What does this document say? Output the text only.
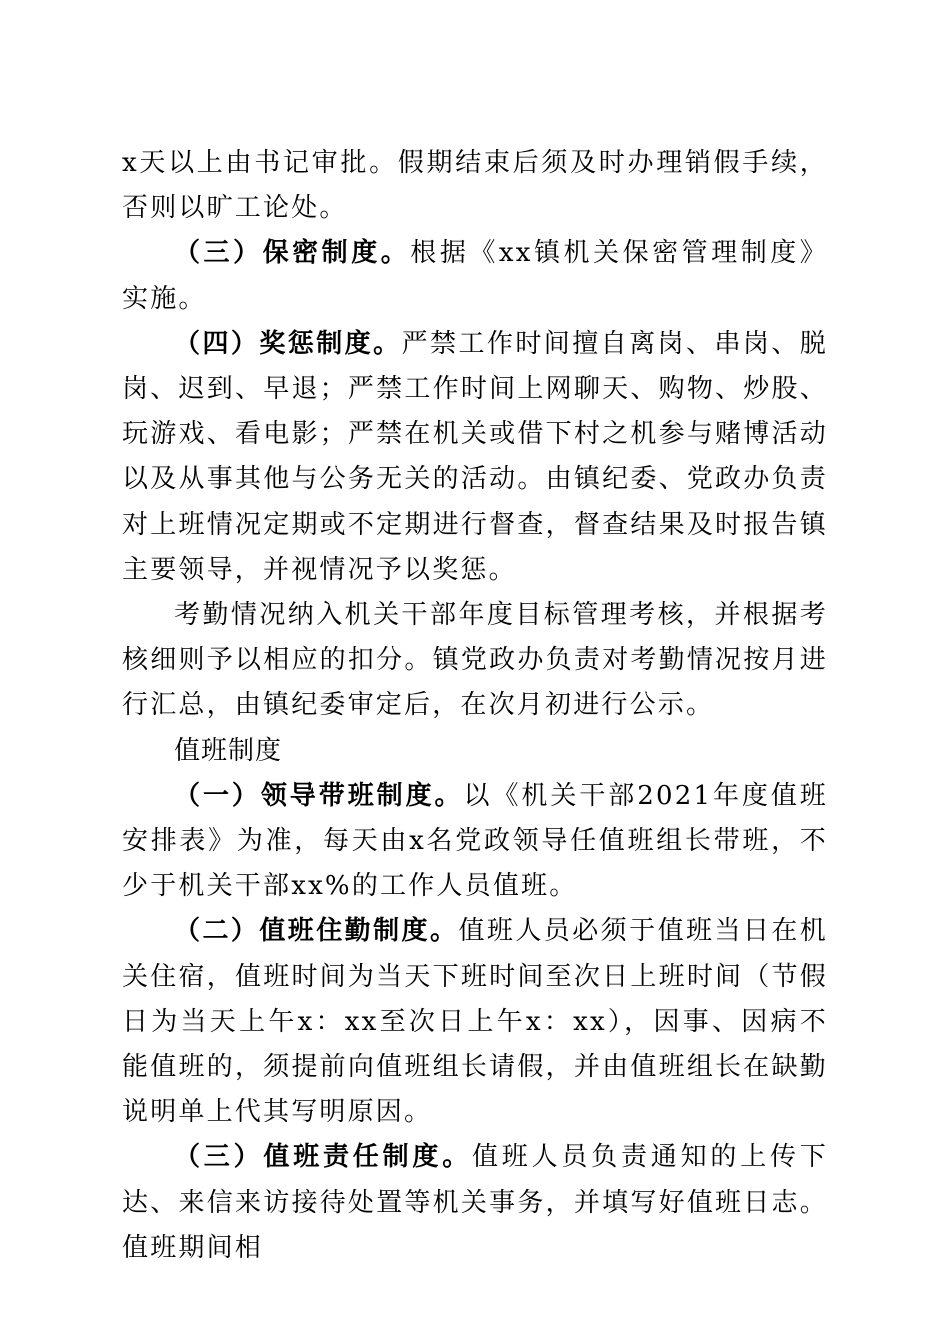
x天以上由书记审批。假期结束后须及时办理销假手续，否则以旷工论处。

（三）保密制度。根据《xx镇机关保密管理制度》实施。

（四）奖惩制度。严禁工作时间擅自离岗、串岗、脱岗、迟到、早退；严禁工作时间上网聊天、购物、炒股、玩游戏、看电影；严禁在机关或借下村之机参与赌博活动以及从事其他与公务无关的活动。由镇纪委、党政办负责对上班情况定期或不定期进行督查，督查结果及时报告镇主要领导，并视情况予以奖惩。

考勤情况纳入机关干部年度目标管理考核，并根据考核细则予以相应的扣分。镇党政办负责对考勤情况按月进行汇总，由镇纪委审定后，在次月初进行公示。

值班制度

（一）领导带班制度。以《机关干部2021年度值班安排表》为准，每天由x名党政领导任值班组长带班，不少于机关干部xx%的工作人员值班。

（二）值班住勤制度。值班人员必须于值班当日在机关住宿，值班时间为当天下班时间至次日上班时间（节假日为当天上午x：xx至次日上午x：xx），因事、因病不能值班的，须提前向值班组长请假，并由值班组长在缺勤说明单上代其写明原因。

（三）值班责任制度。值班人员负责通知的上传下达、来信来访接待处置等机关事务，并填写好值班日志。值班期间相
